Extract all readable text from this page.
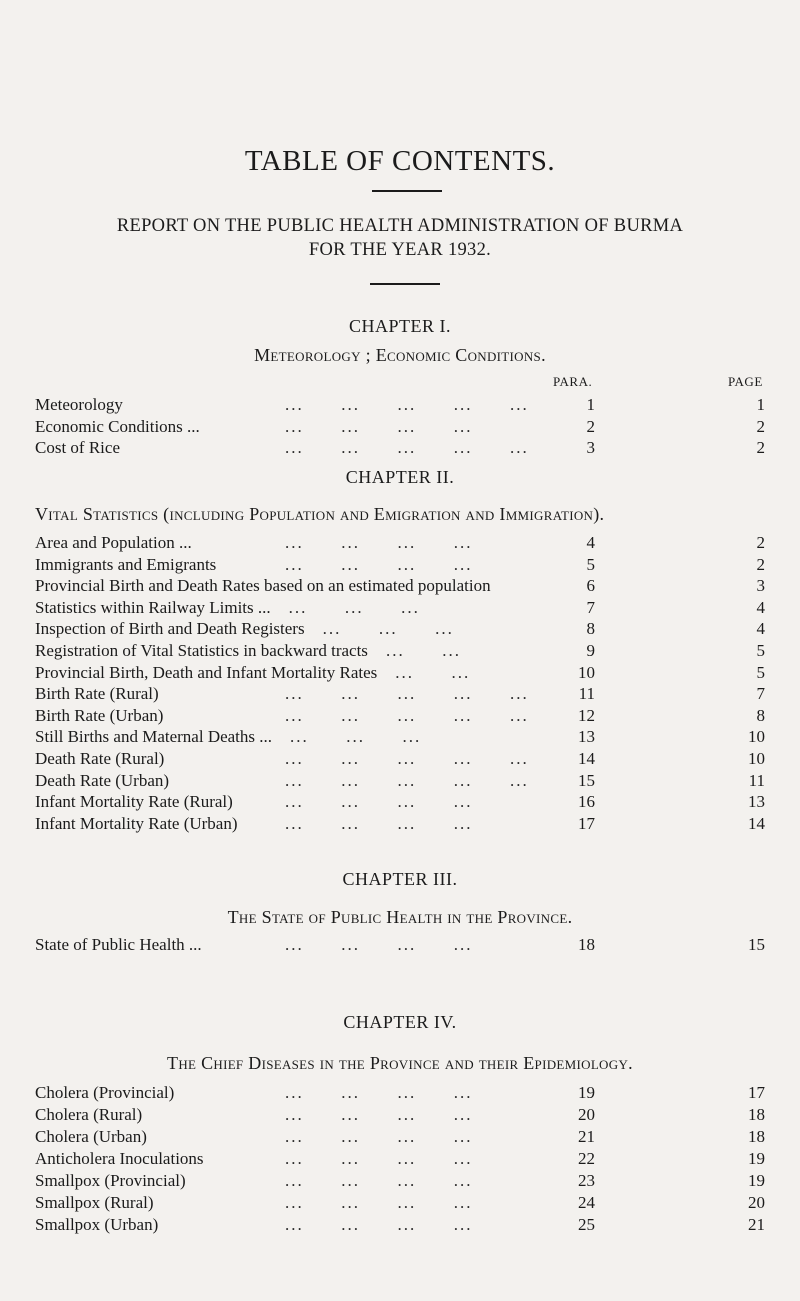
TABLE OF CONTENTS.
REPORT ON THE PUBLIC HEALTH ADMINISTRATION OF BURMA
FOR THE YEAR 1932.
CHAPTER I.
Meteorology ; Economic Conditions.
PARA.	PAGE
Meteorology	...      ...      ...      ...      ...	1	1
Economic Conditions ...	...      ...      ...      ...	2	2
Cost of Rice	...      ...      ...      ...      ...	3	2
CHAPTER II.
Vital Statistics (including Population and Emigration and Immigration).
Area and Population ...	...      ...      ...      ...	4	2
Immigrants and Emigrants	...      ...      ...      ...	5	2
Provincial Birth and Death Rates based on an estimated population	6	3
Statistics within Railway Limits ... ...      ...      ...	7	4
Inspection of Birth and Death Registers ...      ...      ...	8	4
Registration of Vital Statistics in backward tracts ...      ...	9	5
Provincial Birth, Death and Infant Mortality Rates ...      ...	10	5
Birth Rate (Rural)	...      ...      ...      ...      ...	11	7
Birth Rate (Urban)	...      ...      ...      ...      ...	12	8
Still Births and Maternal Deaths ... ...      ...      ...	13	10
Death Rate (Rural)	...      ...      ...      ...      ...	14	10
Death Rate (Urban)	...      ...      ...      ...      ...	15	11
Infant Mortality Rate (Rural)	...      ...      ...      ...	16	13
Infant Mortality Rate (Urban)	...      ...      ...      ...	17	14
CHAPTER III.
The State of Public Health in the Province.
State of Public Health ...	...      ...      ...      ...	18	15
CHAPTER IV.
The Chief Diseases in the Province and their Epidemiology.
Cholera (Provincial)	...      ...      ...      ...	19	17
Cholera (Rural)	...      ...      ...      ...	20	18
Cholera (Urban)	...      ...      ...      ...	21	18
Anticholera Inoculations	...      ...      ...      ...	22	19
Smallpox (Provincial)	...      ...      ...      ...	23	19
Smallpox (Rural)	...      ...      ...      ...	24	20
Smallpox (Urban)	...      ...      ...      ...	25	21
